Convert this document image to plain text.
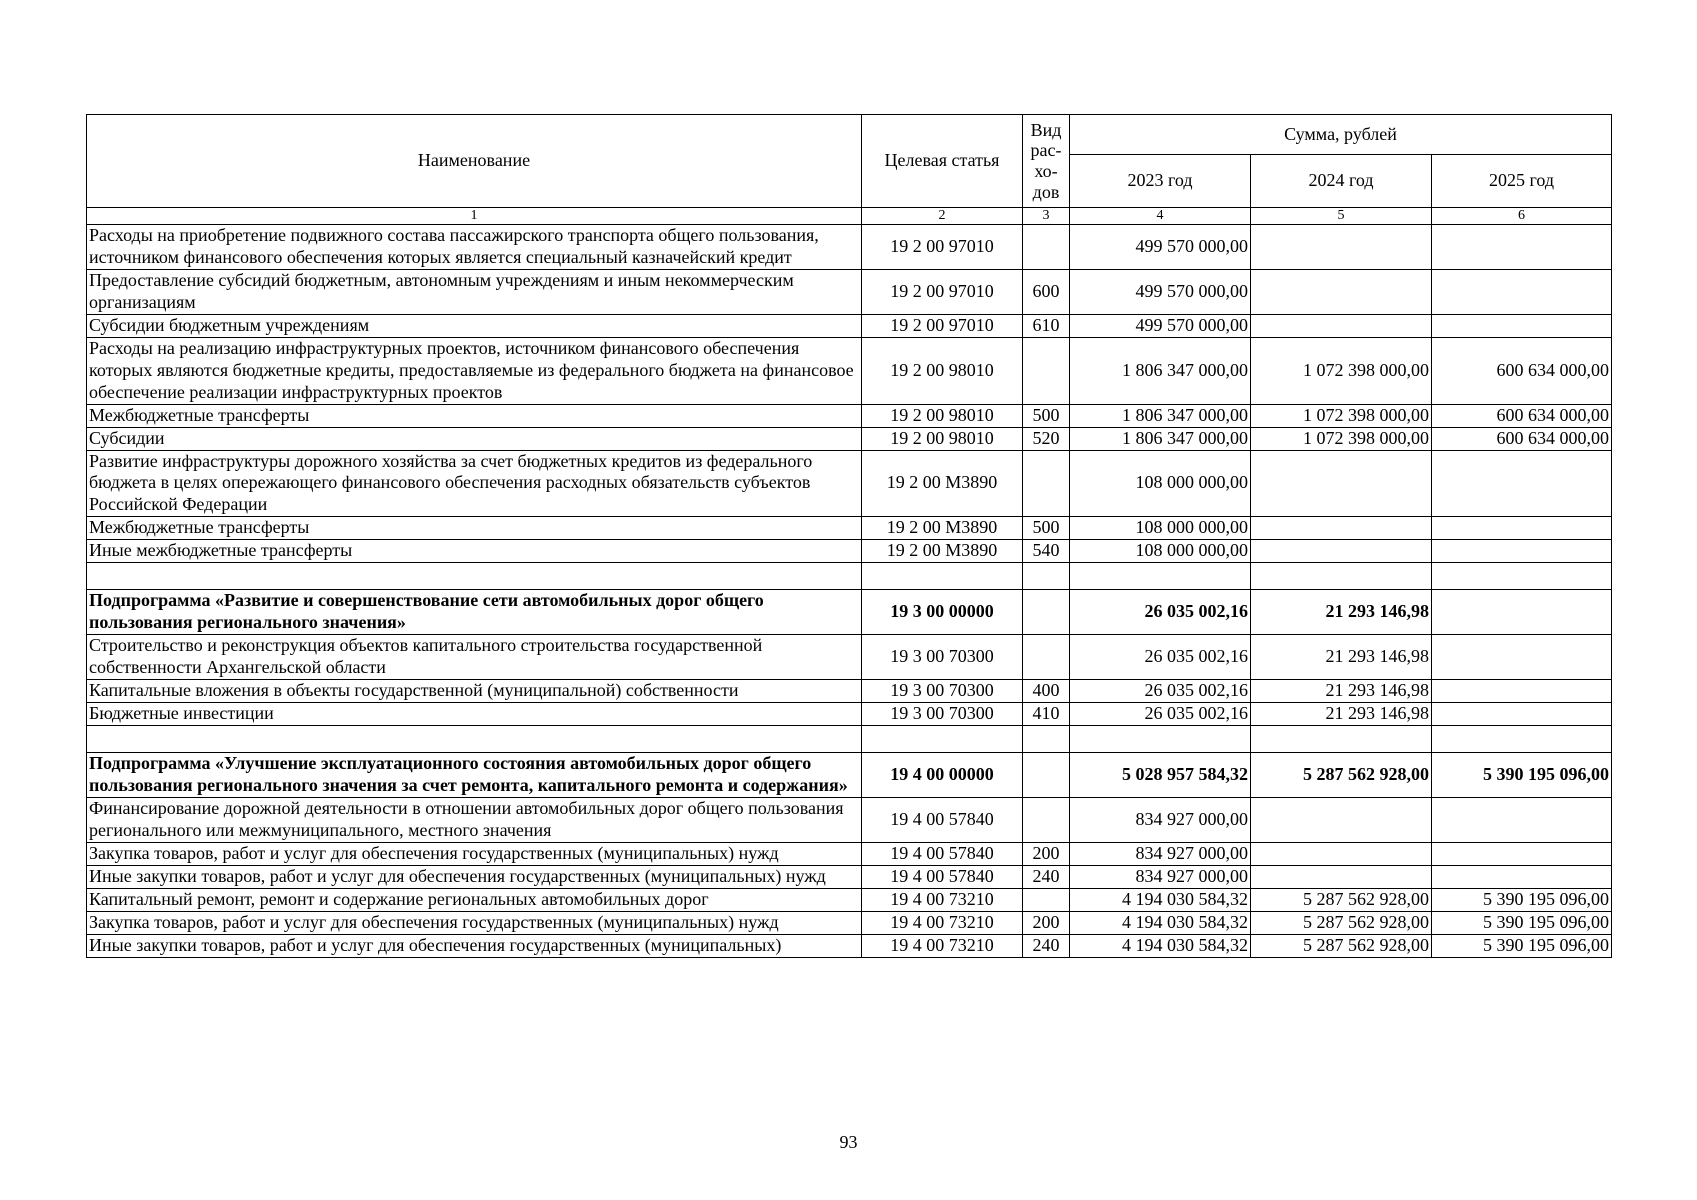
Наименование	Целевая статья	Вид рас-хо-дов	Сумма, рублей		
			2023 год	2024 год	2025 год
1	2	3	4	5	6
Расходы на приобретение подвижного состава пассажирского транспорта общего пользования, источником финансового обеспечения которых является специальный казначейский кредит	19 2 00 97010		499 570 000,00		
Предоставление субсидий бюджетным, автономным учреждениям и иным некоммерческим организациям	19 2 00 97010	600	499 570 000,00		
Субсидии бюджетным учреждениям	19 2 00 97010	610	499 570 000,00		
Расходы на реализацию инфраструктурных проектов, источником финансового обеспечения которых являются бюджетные кредиты, предоставляемые из федерального бюджета на финансовое обеспечение реализации инфраструктурных проектов	19 2 00 98010		1 806 347 000,00	1 072 398 000,00	600 634 000,00
Межбюджетные трансферты	19 2 00 98010	500	1 806 347 000,00	1 072 398 000,00	600 634 000,00
Субсидии	19 2 00 98010	520	1 806 347 000,00	1 072 398 000,00	600 634 000,00
Развитие инфраструктуры дорожного хозяйства за счет бюджетных кредитов из федерального бюджета в целях опережающего финансового обеспечения расходных обязательств субъектов Российской Федерации	19 2 00 М3890		108 000 000,00		
Межбюджетные трансферты	19 2 00 М3890	500	108 000 000,00		
Иные межбюджетные трансферты	19 2 00 М3890	540	108 000 000,00		

Подпрограмма «Развитие и совершенствование сети автомобильных дорог общего пользования регионального значения»	19 3 00 00000		26 035 002,16	21 293 146,98	
Строительство и реконструкция объектов капитального строительства государственной собственности Архангельской области	19 3 00 70300		26 035 002,16	21 293 146,98	
Капитальные вложения в объекты государственной (муниципальной) собственности	19 3 00 70300	400	26 035 002,16	21 293 146,98	
Бюджетные инвестиции	19 3 00 70300	410	26 035 002,16	21 293 146,98	

Подпрограмма «Улучшение эксплуатационного состояния автомобильных дорог общего пользования регионального значения за счет ремонта, капитального ремонта и содержания»	19 4 00 00000		5 028 957 584,32	5 287 562 928,00	5 390 195 096,00
Финансирование дорожной деятельности в отношении автомобильных дорог общего пользования регионального или межмуниципального, местного значения	19 4 00 57840		834 927 000,00		
Закупка товаров, работ и услуг для обеспечения государственных (муниципальных) нужд	19 4 00 57840	200	834 927 000,00		
Иные закупки товаров, работ и услуг для обеспечения государственных (муниципальных) нужд	19 4 00 57840	240	834 927 000,00		
Капитальный ремонт, ремонт и содержание региональных автомобильных дорог	19 4 00 73210		4 194 030 584,32	5 287 562 928,00	5 390 195 096,00
Закупка товаров, работ и услуг для обеспечения государственных (муниципальных) нужд	19 4 00 73210	200	4 194 030 584,32	5 287 562 928,00	5 390 195 096,00
Иные закупки товаров, работ и услуг для обеспечения государственных (муниципальных)	19 4 00 73210	240	4 194 030 584,32	5 287 562 928,00	5 390 195 096,00
93
